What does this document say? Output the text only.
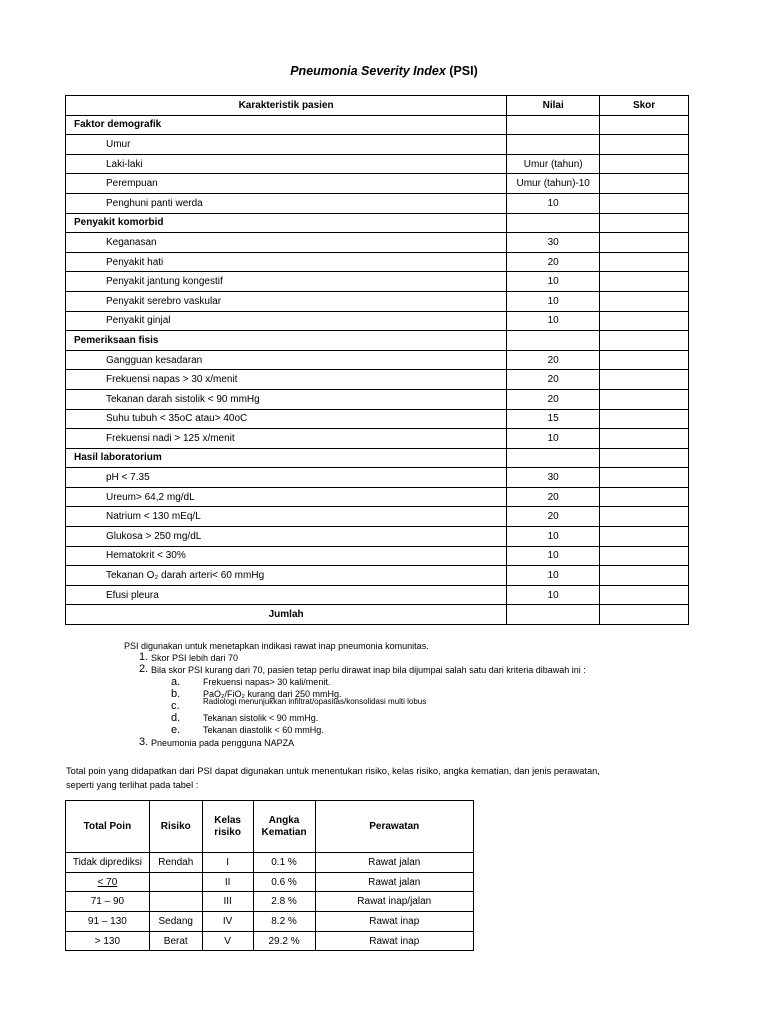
Pneumonia Severity Index (PSI)
Karakteristik pasien	Nilai	Skor
Faktor demografik		
Umur		
Laki-laki	Umur (tahun)	
Perempuan	Umur (tahun)-10	
Penghuni panti werda	10	
Penyakit komorbid		
Keganasan	30	
Penyakit hati	20	
Penyakit jantung kongestif	10	
Penyakit serebro vaskular	10	
Penyakit ginjal	10	
Pemeriksaan fisis		
Gangguan kesadaran	20	
Frekuensi napas > 30 x/menit	20	
Tekanan darah sistolik < 90 mmHg	20	
Suhu tubuh < 35oC atau> 40oC	15	
Frekuensi nadi > 125 x/menit	10	
Hasil laboratorium		
pH < 7.35	30	
Ureum> 64,2 mg/dL	20	
Natrium < 130 mEq/L	20	
Glukosa > 250 mg/dL	10	
Hematokrit < 30%	10	
Tekanan O₂ darah arteri< 60 mmHg	10	
Efusi pleura	10	
Jumlah		
PSI digunakan untuk menetapkan indikasi rawat inap pneumonia komunitas.
1. Skor PSI lebih dari 70
2. Bila skor PSI kurang dari 70, pasien tetap perlu dirawat inap bila dijumpai salah satu dari kriteria dibawah ini :
a.	Frekuensi napas> 30 kali/menit.
b.	PaO₂/FiO₂ kurang dari 250 mmHg.
c.	Radiologi menunjukkan infiltrat/opasitas/konsolidasi multi lobus
d.	Tekanan sistolik < 90 mmHg.
e.	Tekanan diastolik < 60 mmHg.
3. Pneumonia pada pengguna NAPZA
Total poin yang didapatkan dari PSI dapat digunakan untuk menentukan risiko, kelas risiko, angka kematian, dan jenis perawatan,
seperti yang terlihat pada tabel :
Total Poin	Risiko	Kelas risiko	Angka Kematian	Perawatan
Tidak diprediksi	Rendah	I	0.1 %	Rawat jalan
< 70		II	0.6 %	Rawat jalan
71 – 90		III	2.8 %	Rawat inap/jalan
91 – 130	Sedang	IV	8.2 %	Rawat inap
> 130	Berat	V	29.2 %	Rawat inap
